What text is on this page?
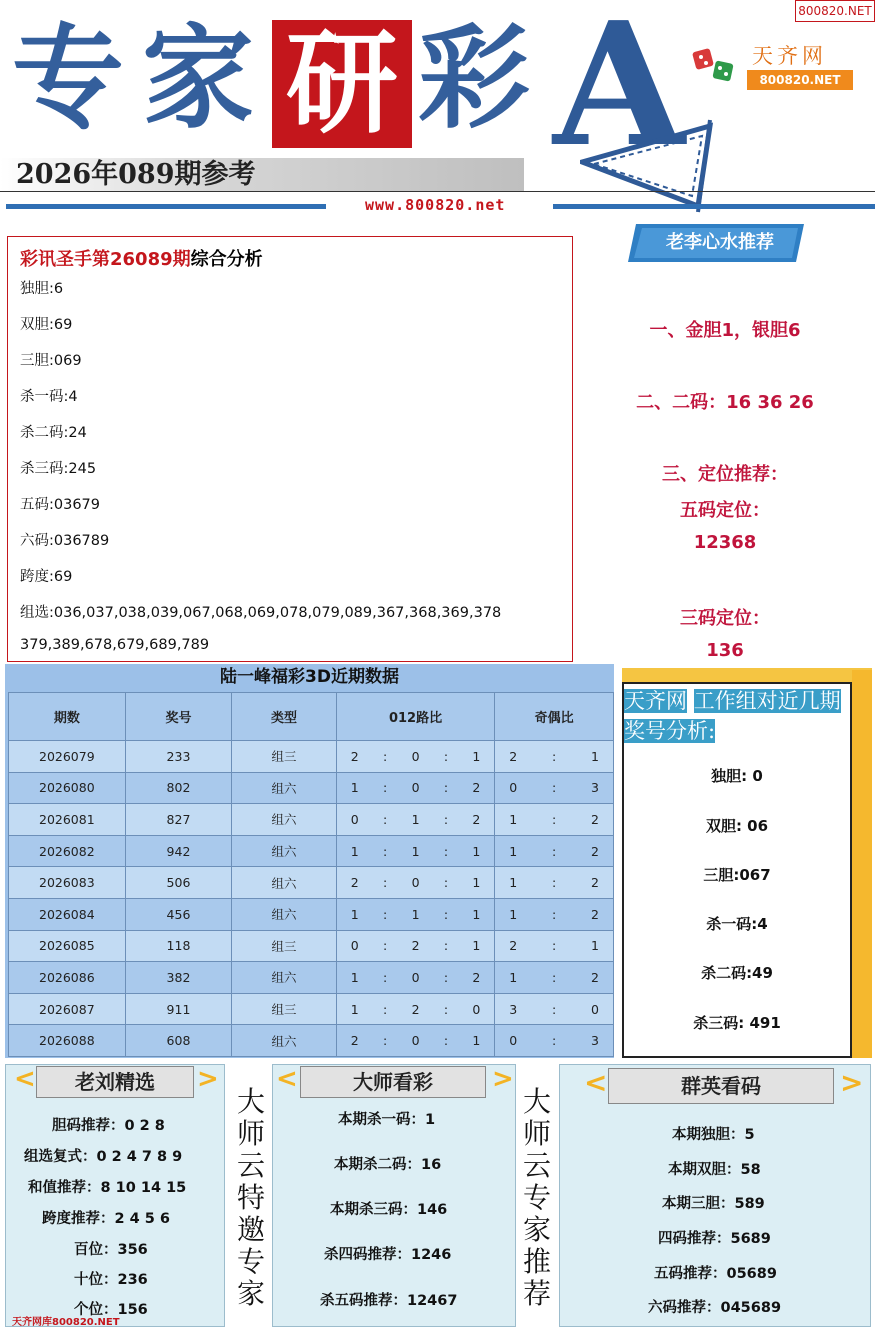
800820.NET
专 家 研 彩 A	天齐网
800820.NET
2026年089期参考
www.800820.net
彩讯圣手第26089期综合分析
独胆:6
双胆:69
三胆:069
杀一码:4
杀二码:24
杀三码:245
五码:03679
六码:036789
跨度:69
组选:036,037,038,039,067,068,069,078,079,089,367,368,369,378
379,389,678,679,689,789
老李心水推荐
一、金胆1，银胆6
二、二码：16 36 26
三、定位推荐：
五码定位：
12368
三码定位：
136
陆一峰福彩3D近期数据
期数	奖号	类型	012路比	奇偶比
2026079	233	组三	2 : 0 : 1	2 : 1

2026080	802	组六	1 : 0 : 2	0 : 3

2026081	827	组六	0 : 1 : 2	1 : 2

2026082	942	组六	1 : 1 : 1	1 : 2

2026083	506	组六	2 : 0 : 1	1 : 2

2026084	456	组六	1 : 1 : 1	1 : 2

2026085	118	组三	0 : 2 : 1	2 : 1

2026086	382	组六	1 : 0 : 2	1 : 2

2026087	911	组三	1 : 2 : 0	3 : 0

2026088	608	组六	2 : 0 : 1	0 : 3
天齐网 工作组对近几期奖号分析:
独胆: 0
双胆: 06
三胆:067
杀一码:4
杀二码:49
杀三码: 491
老刘精选
<	>
胆码推荐：0 2 8
组选复式：0 2 4 7 8 9
和值推荐：8 10 14 15
跨度推荐：2 4 5 6
百位：356
十位：236
个位：156
大
师
云
特
邀
专
家
大师看彩
<	>
本期杀一码：1
本期杀二码：16
本期杀三码：146
杀四码推荐：1246
杀五码推荐：12467
大
师
云
专
家
推
荐
群英看码
<	>
本期独胆：5
本期双胆：58
本期三胆：589
四码推荐：5689
五码推荐：05689
六码推荐：045689
天齐网库800820.NET
